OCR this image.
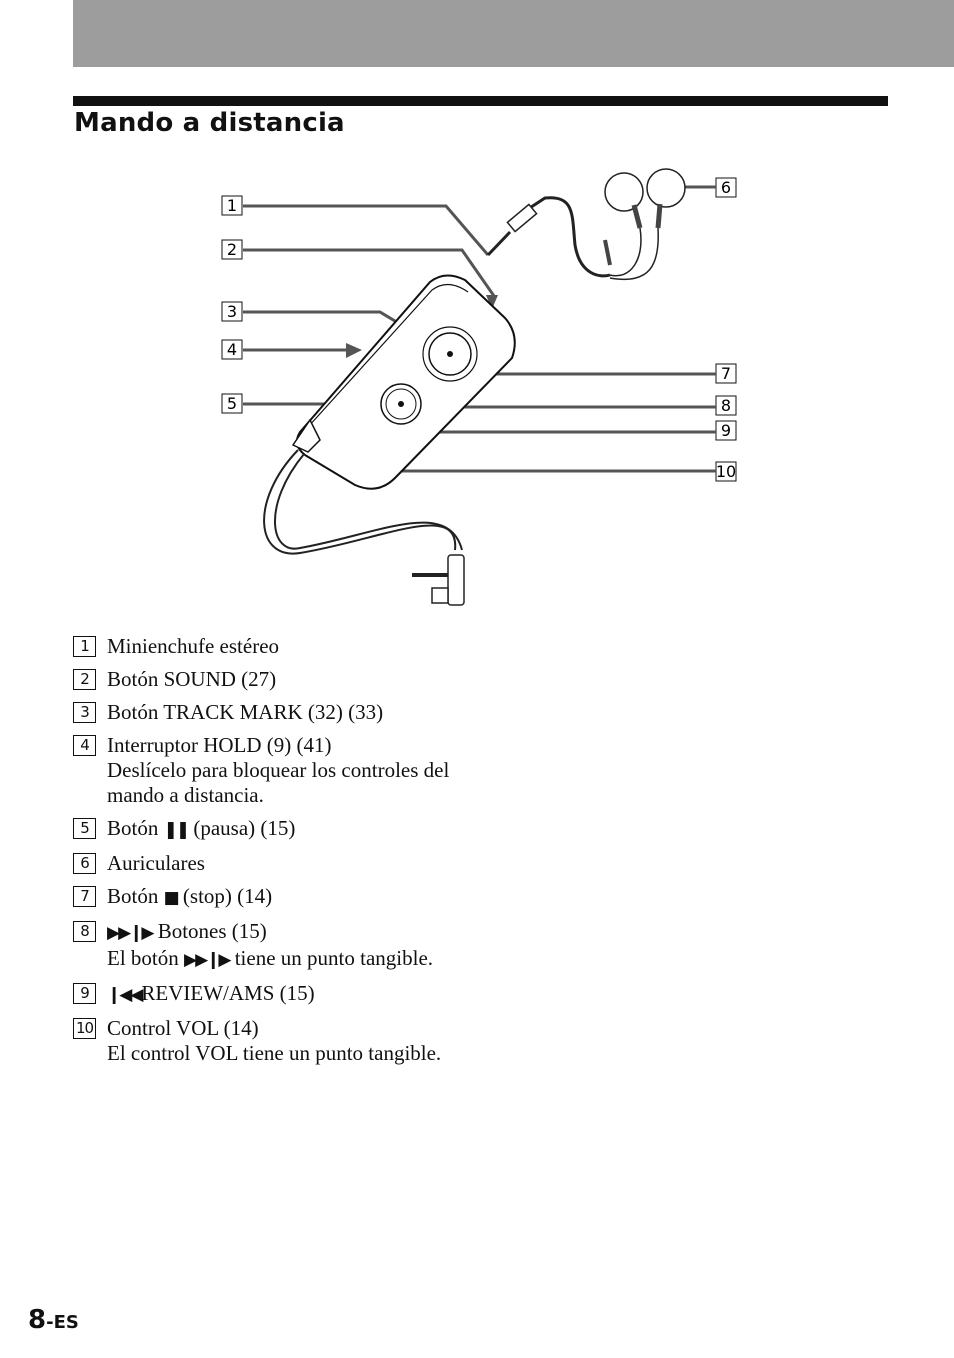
Mando a distancia
1
2
3
4
5
6
7
8
9
10
1 Minienchufe estéreo
2 Botón SOUND (27)
3 Botón TRACK MARK (32) (33)
4 Interruptor HOLD (9) (41)
Deslícelo para bloquear los controles del mando a distancia.
5 Botón ❚❚ (pausa) (15)
6 Auriculares
7 Botón ■ (stop) (14)
8	▶▶❙▶ Botones (15)
El botón ▶▶❙▶ tiene un punto tangible.
9	❙◀◀REVIEW/AMS (15)
10 Control VOL (14)
El control VOL tiene un punto tangible.
8-ES
